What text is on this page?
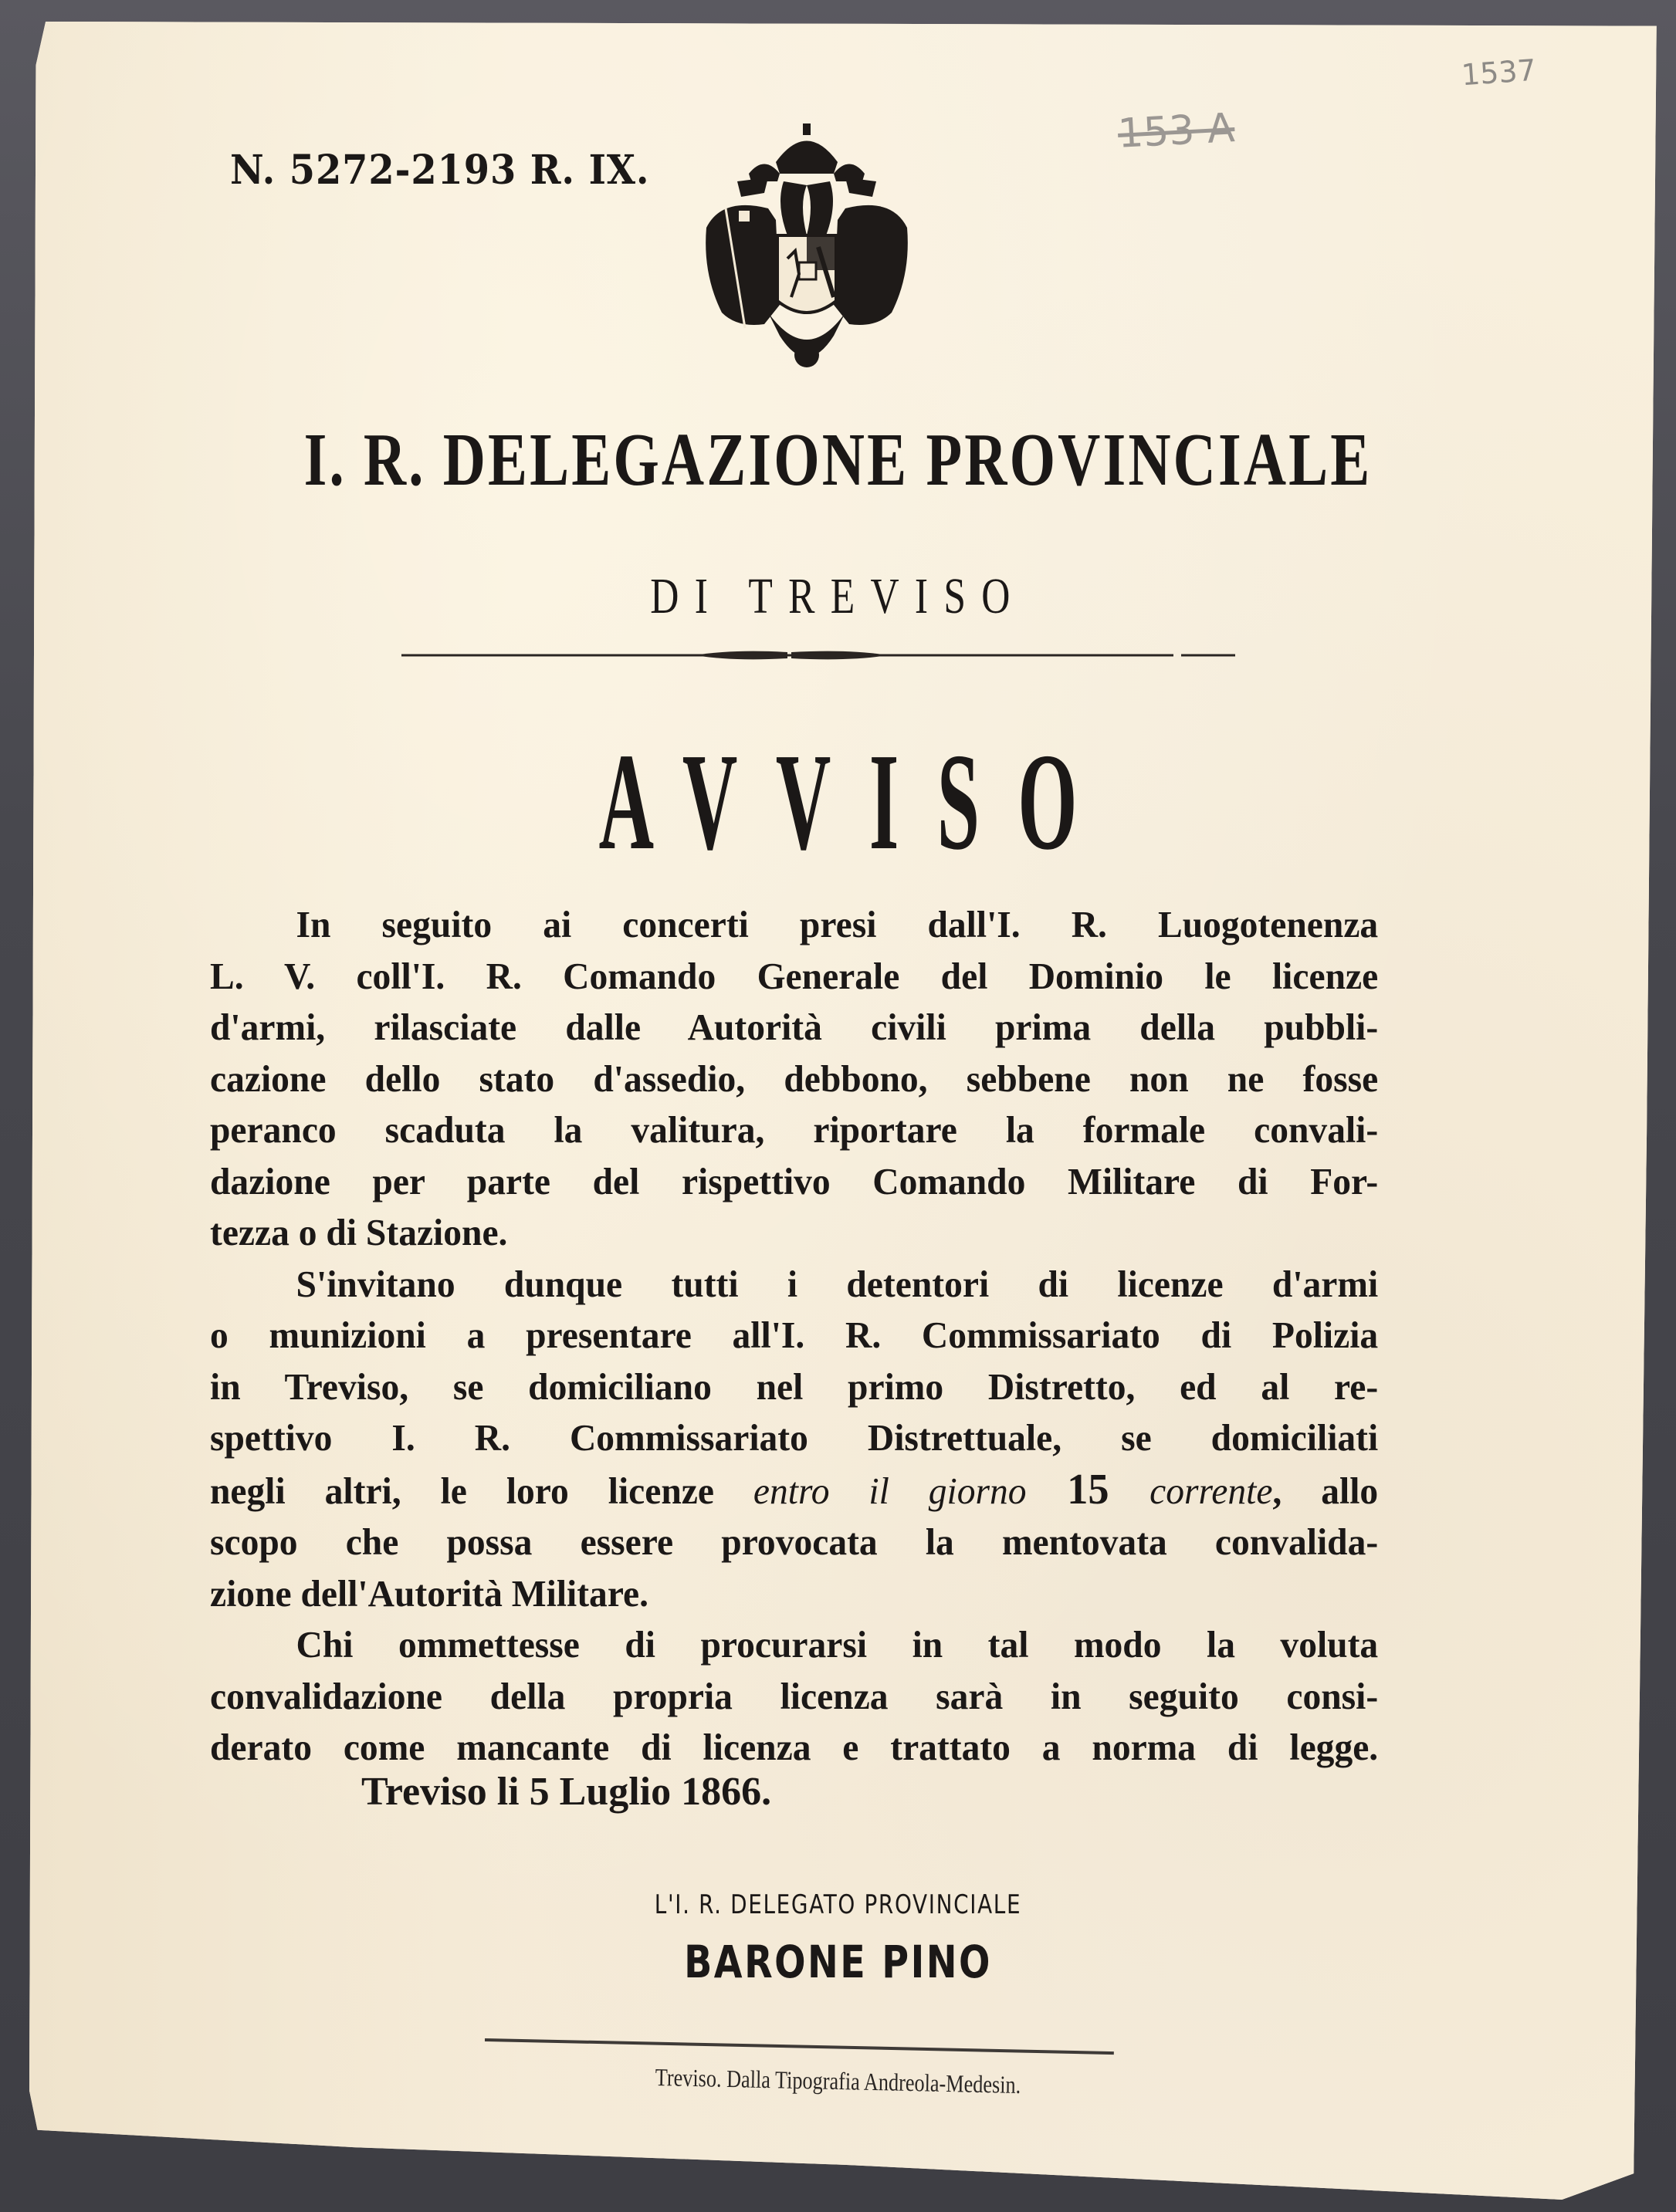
1537
153 A
N. 5272-2193 R. IX.
I. R. DELEGAZIONE PROVINCIALE
DI TREVISO
AVVISO
In seguito ai concerti presi dall'I. R. Luogotenenza
L. V. coll'I. R. Comando Generale del Dominio le licenze
d'armi, rilasciate dalle Autorità civili prima della pubbli-
cazione dello stato d'assedio, debbono, sebbene non ne fosse
peranco scaduta la valitura, riportare la formale convali-
dazione per parte del rispettivo Comando Militare di For-
tezza o di Stazione.
S'invitano dunque tutti i detentori di licenze d'armi
o munizioni a presentare all'I. R. Commissariato di Polizia
in Treviso, se domiciliano nel primo Distretto, ed al re-
spettivo I. R. Commissariato Distrettuale, se domiciliati
negli altri, le loro licenze entro il giorno 15 corrente, allo
scopo che possa essere provocata la mentovata convalida-
zione dell'Autorità Militare.
Chi ommettesse di procurarsi in tal modo la voluta
convalidazione della propria licenza sarà in seguito consi-
derato come mancante di licenza e trattato a norma di legge.
Treviso li 5 Luglio 1866.
L'I. R. DELEGATO PROVINCIALE
BARONE PINO
Treviso. Dalla Tipografia Andreola-Medesin.
